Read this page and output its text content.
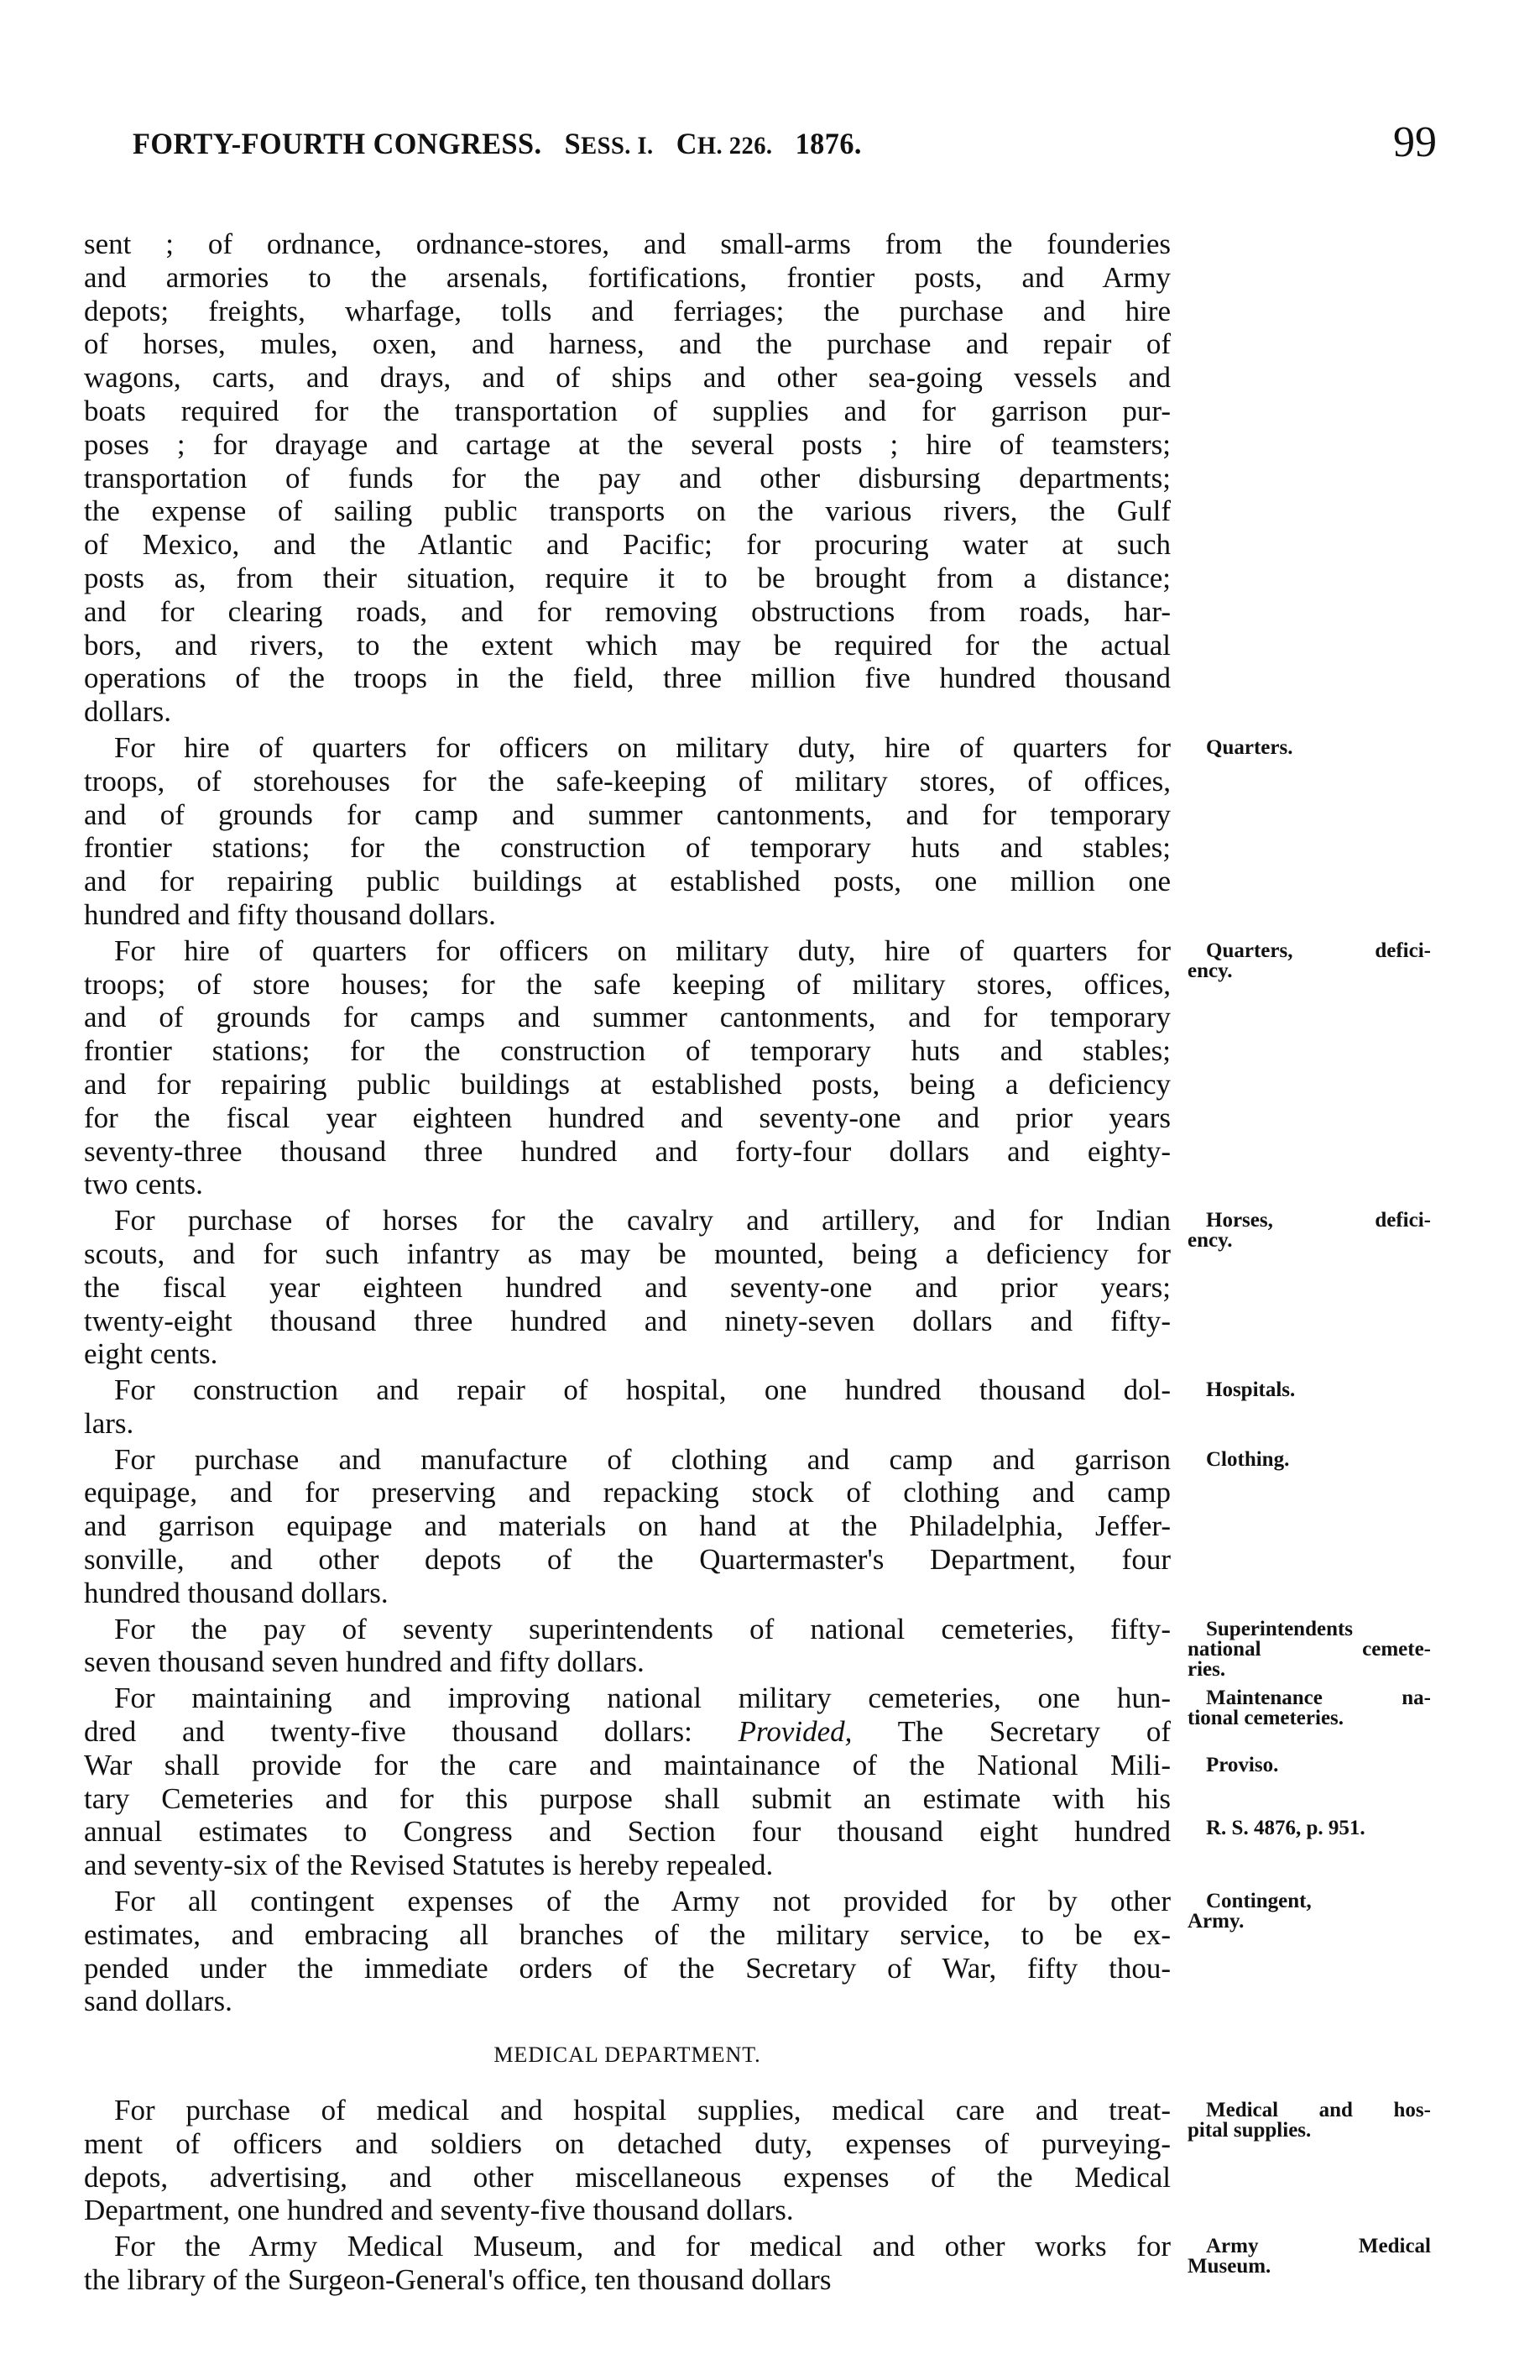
FORTY-FOURTH CONGRESS. SESS. I. CH. 226. 1876.	99
sent ; of ordnance, ordnance-stores, and small-arms from the founderies
and armories to the arsenals, fortifications, frontier posts, and Army
depots; freights, wharfage, tolls and ferriages; the purchase and hire
of horses, mules, oxen, and harness, and the purchase and repair of
wagons, carts, and drays, and of ships and other sea-going vessels and
boats required for the transportation of supplies and for garrison pur-
poses ; for drayage and cartage at the several posts ; hire of teamsters;
transportation of funds for the pay and other disbursing departments;
the expense of sailing public transports on the various rivers, the Gulf
of Mexico, and the Atlantic and Pacific; for procuring water at such
posts as, from their situation, require it to be brought from a distance;
and for clearing roads, and for removing obstructions from roads, har-
bors, and rivers, to the extent which may be required for the actual
operations of the troops in the field, three million five hundred thousand
dollars.
For hire of quarters for officers on military duty, hire of quarters for
troops, of storehouses for the safe-keeping of military stores, of offices,
and of grounds for camp and summer cantonments, and for temporary
frontier stations; for the construction of temporary huts and stables;
and for repairing public buildings at established posts, one million one
hundred and fifty thousand dollars.
Quarters.
For hire of quarters for officers on military duty, hire of quarters for
troops; of store houses; for the safe keeping of military stores, offices,
and of grounds for camps and summer cantonments, and for temporary
frontier stations; for the construction of temporary huts and stables;
and for repairing public buildings at established posts, being a deficiency
for the fiscal year eighteen hundred and seventy-one and prior years
seventy-three thousand three hundred and forty-four dollars and eighty-
two cents.
Quarters, defici-
ency.
For purchase of horses for the cavalry and artillery, and for Indian
scouts, and for such infantry as may be mounted, being a deficiency for
the fiscal year eighteen hundred and seventy-one and prior years;
twenty-eight thousand three hundred and ninety-seven dollars and fifty-
eight cents.
Horses, defici-
ency.
For construction and repair of hospital, one hundred thousand dol-
lars.
Hospitals.
For purchase and manufacture of clothing and camp and garrison
equipage, and for preserving and repacking stock of clothing and camp
and garrison equipage and materials on hand at the Philadelphia, Jeffer-
sonville, and other depots of the Quartermaster's Department, four
hundred thousand dollars.
Clothing.
For the pay of seventy superintendents of national cemeteries, fifty-
seven thousand seven hundred and fifty dollars.
Superintendents
national cemete-
ries.
For maintaining and improving national military cemeteries, one hun-
dred and twenty-five thousand dollars: Provided, The Secretary of
War shall provide for the care and maintainance of the National Mili-
tary Cemeteries and for this purpose shall submit an estimate with his
annual estimates to Congress and Section four thousand eight hundred
and seventy-six of the Revised Statutes is hereby repealed.
Maintenance na-
tional cemeteries.
Proviso.
R. S. 4876, p. 951.
For all contingent expenses of the Army not provided for by other
estimates, and embracing all branches of the military service, to be ex-
pended under the immediate orders of the Secretary of War, fifty thou-
sand dollars.
Contingent,
Army.
MEDICAL DEPARTMENT.
For purchase of medical and hospital supplies, medical care and treat-
ment of officers and soldiers on detached duty, expenses of purveying-
depots, advertising, and other miscellaneous expenses of the Medical
Department, one hundred and seventy-five thousand dollars.
Medical and hos-
pital supplies.
For the Army Medical Museum, and for medical and other works for
the library of the Surgeon-General's office, ten thousand dollars
Army Medical
Museum.
